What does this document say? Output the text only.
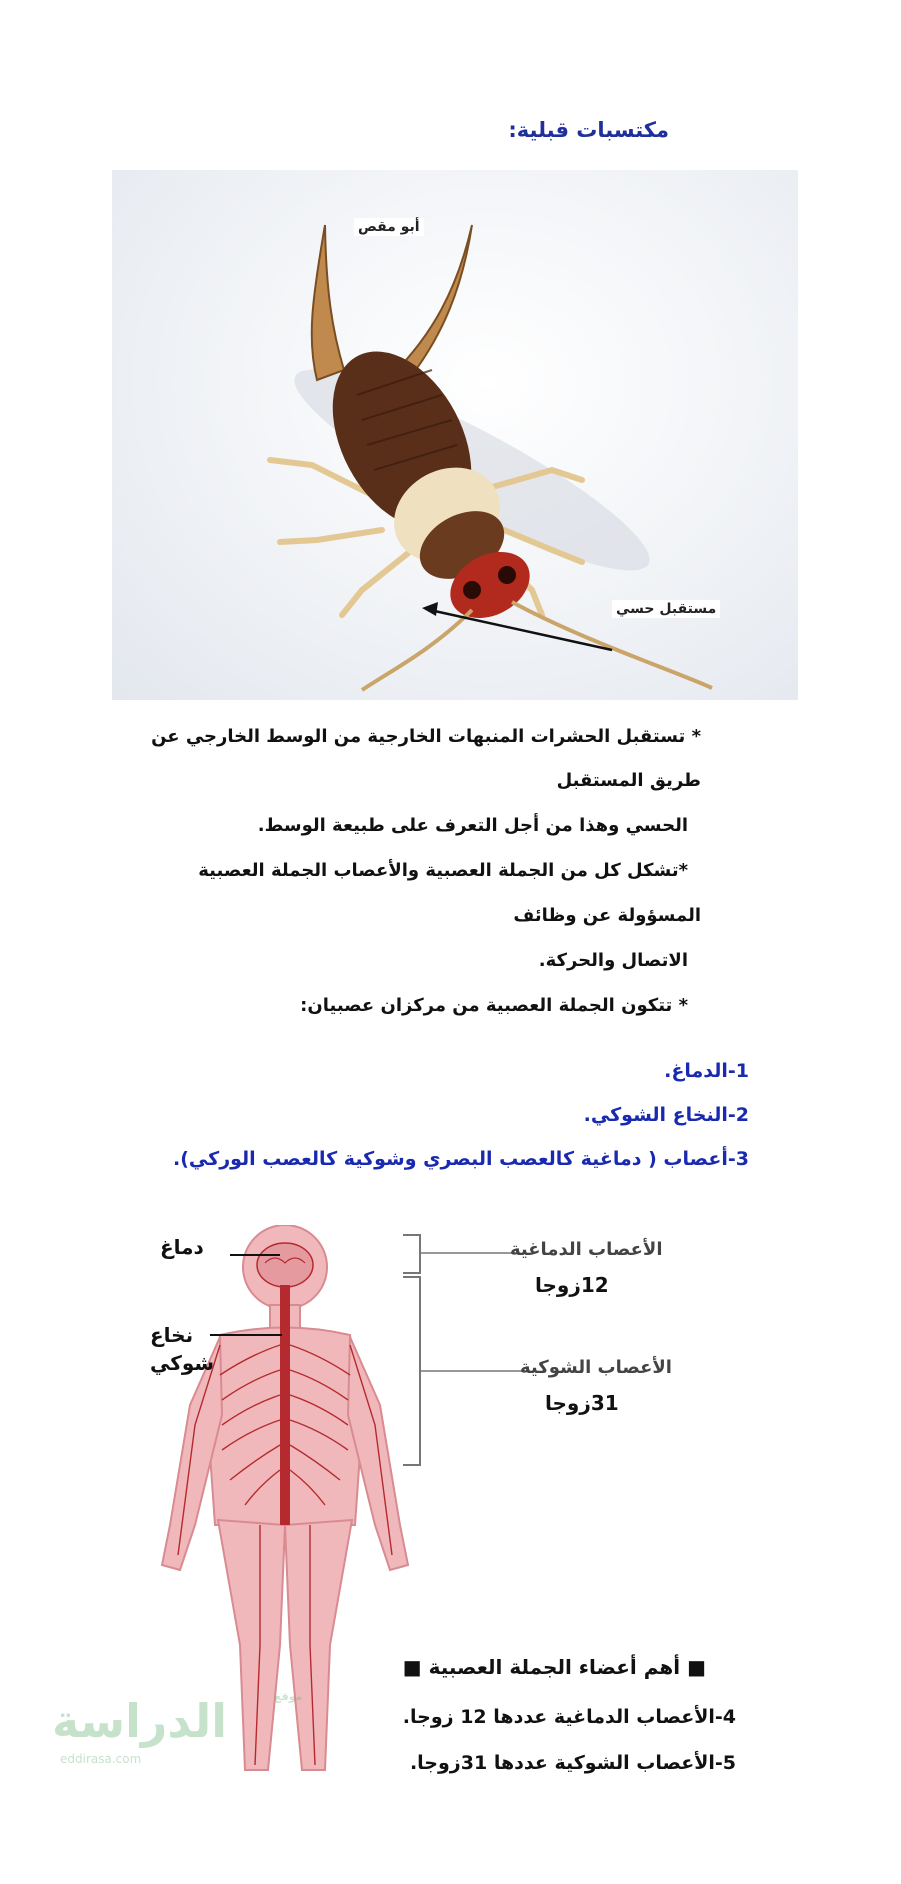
مكتسبات قبلية:
أبو مقص
مستقبل حسي
* تستقبل الحشرات المنبهات الخارجية من الوسط الخارجي عن
طريق المستقبل
الحسي وهذا من أجل التعرف على طبيعة الوسط.
*تشكل كل من الجملة العصبية والأعصاب الجملة العصبية
المسؤولة عن وظائف
الاتصال والحركة.
* تتكون الجملة العصبية من مركزان عصبيان:
1-الدماغ.
2-النخاع الشوكي.
3-أعصاب ( دماغية كالعصب البصري وشوكية كالعصب الوركي).
دماغ
نخاع
شوكي
الأعصاب الدماغية
12زوجا
الأعصاب الشوكية
31زوجا
موقع
الدراسة
eddirasa.com
■ أهم أعضاء الجملة العصبية ■
4-الأعصاب الدماغية عددها 12 زوجا.
5-الأعصاب الشوكية عددها 31زوجا.
